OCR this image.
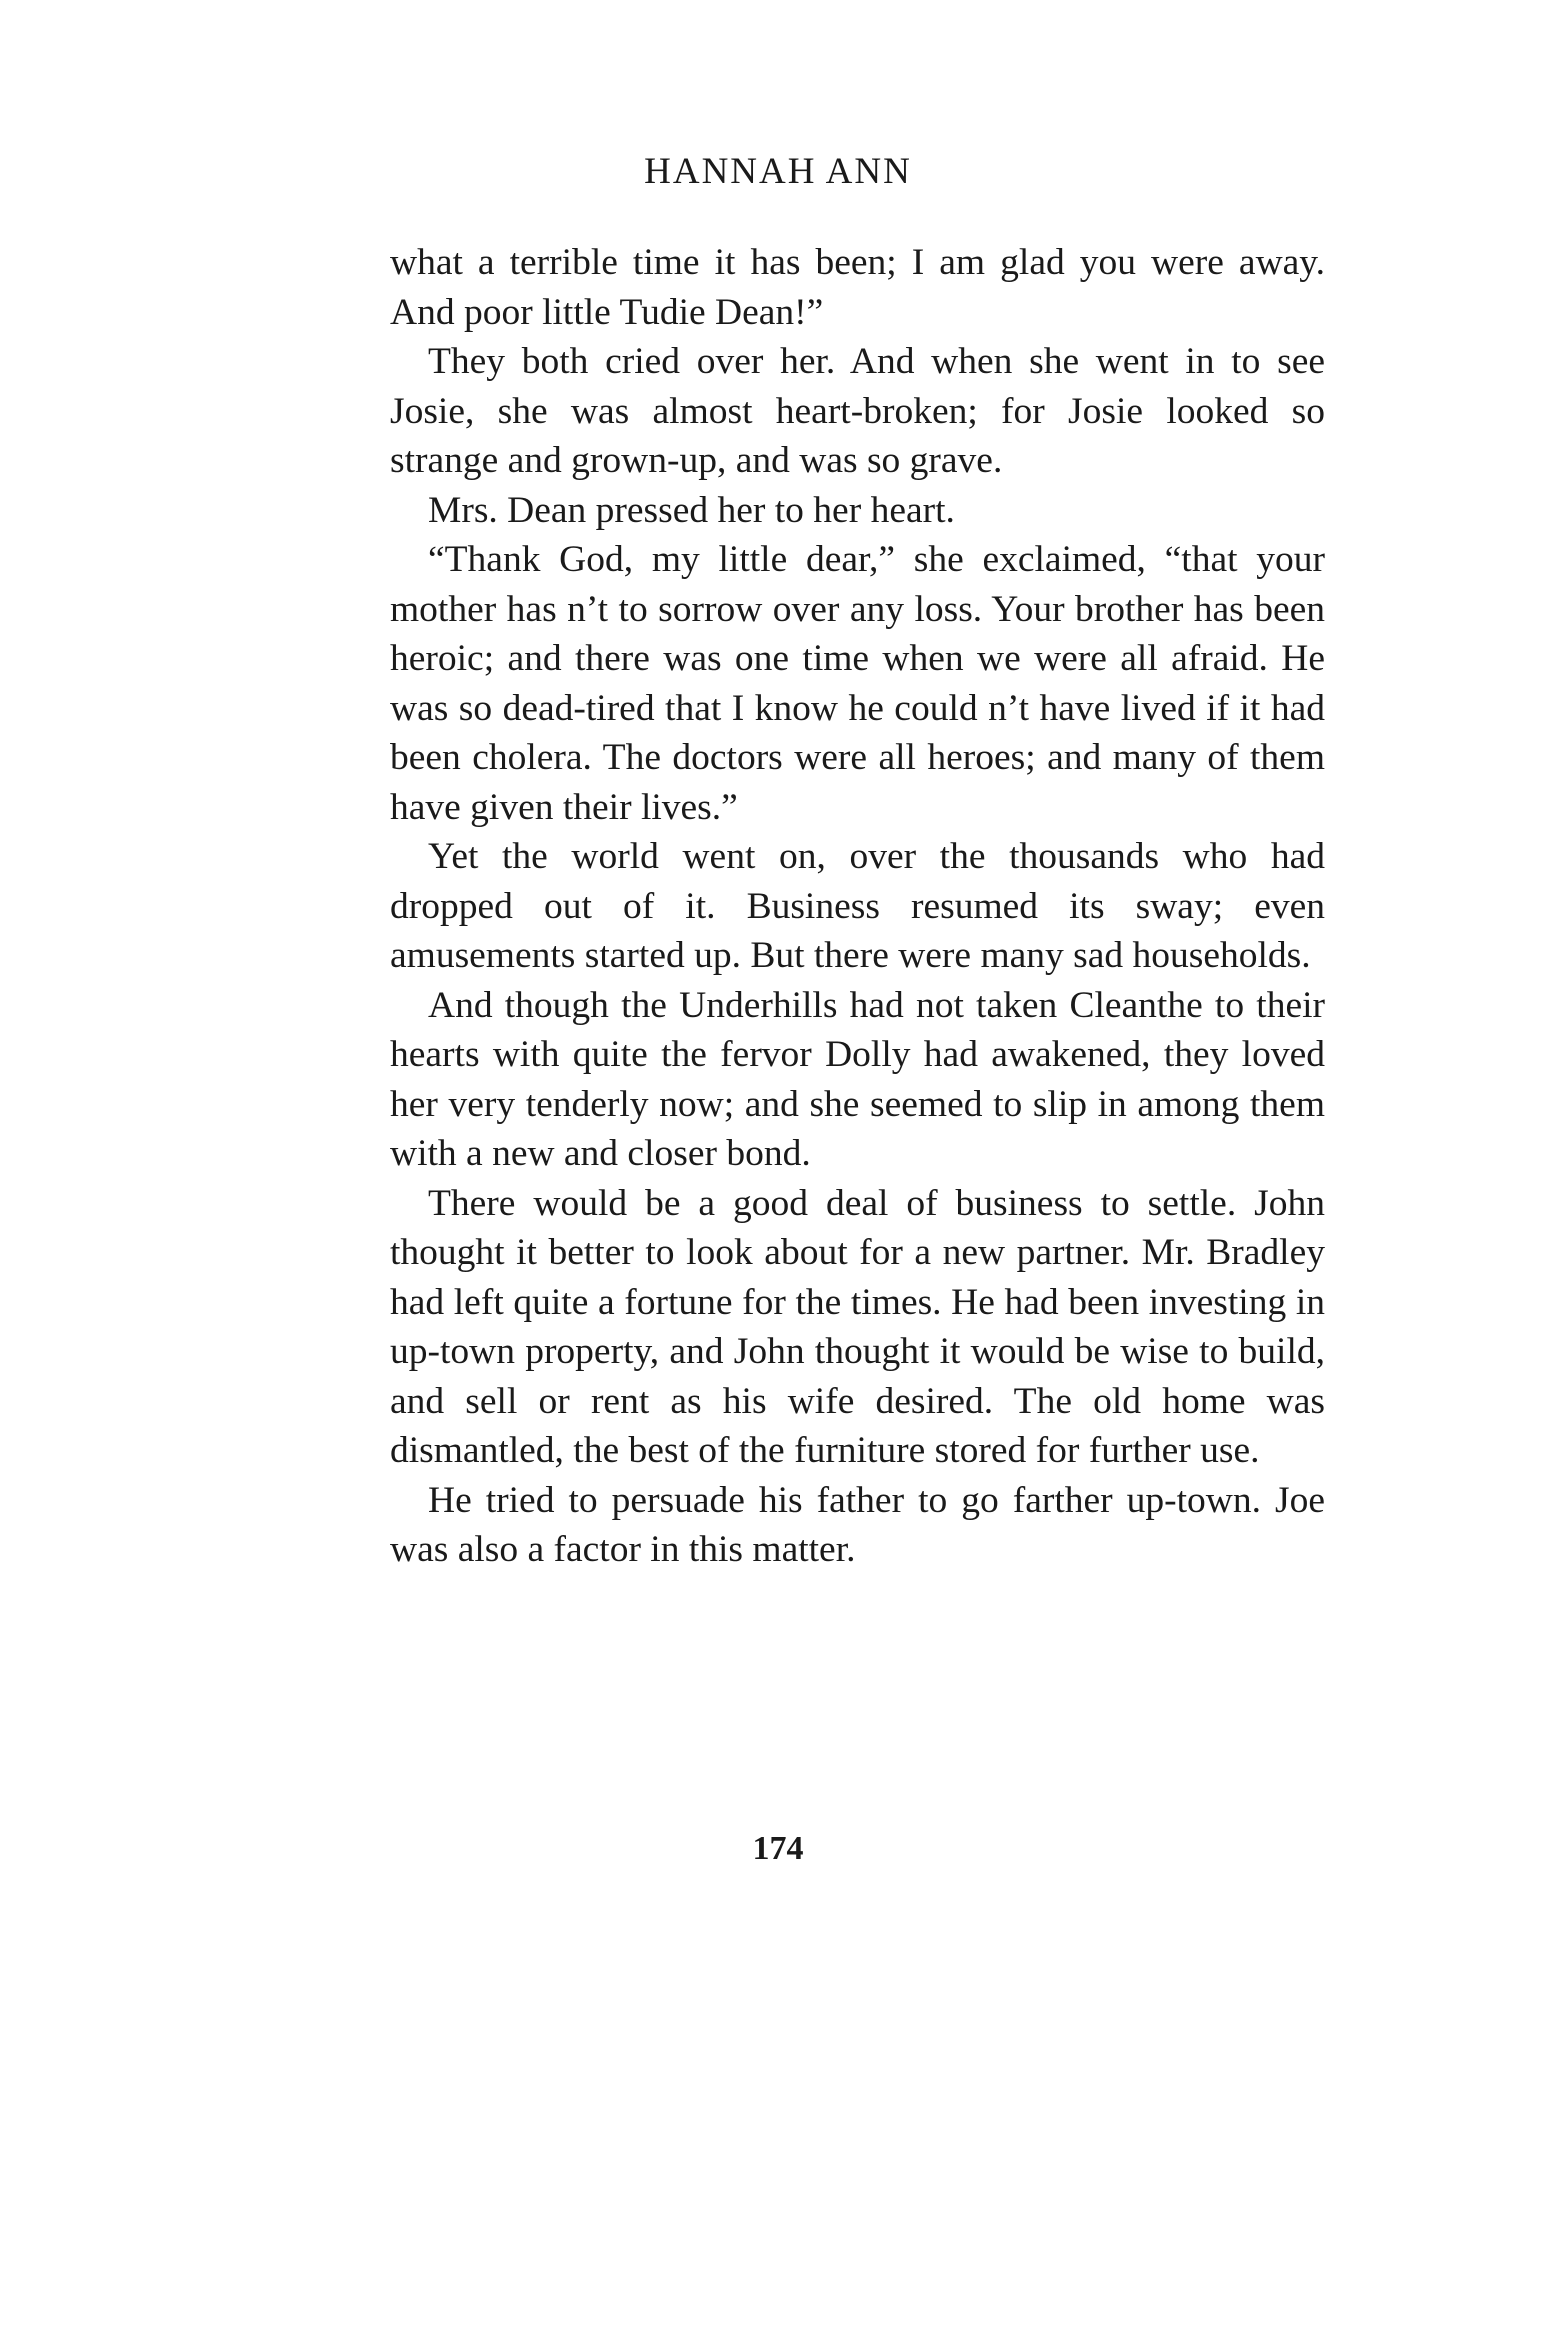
HANNAH ANN

what a terrible time it has been; I am glad you were away. And poor little Tudie Dean!”

They both cried over her. And when she went in to see Josie, she was almost heart-broken; for Josie looked so strange and grown-up, and was so grave.

Mrs. Dean pressed her to her heart.

“Thank God, my little dear,” she exclaimed, “that your mother has n’t to sorrow over any loss. Your brother has been heroic; and there was one time when we were all afraid. He was so dead-tired that I know he could n’t have lived if it had been cholera. The doctors were all heroes; and many of them have given their lives.”

Yet the world went on, over the thousands who had dropped out of it. Business resumed its sway; even amusements started up. But there were many sad households.

And though the Underhills had not taken Cleanthe to their hearts with quite the fervor Dolly had awakened, they loved her very tenderly now; and she seemed to slip in among them with a new and closer bond.

There would be a good deal of business to settle. John thought it better to look about for a new partner. Mr. Bradley had left quite a fortune for the times. He had been investing in up-town property, and John thought it would be wise to build, and sell or rent as his wife desired. The old home was dismantled, the best of the furniture stored for further use.

He tried to persuade his father to go farther up-town. Joe was also a factor in this matter.

174
